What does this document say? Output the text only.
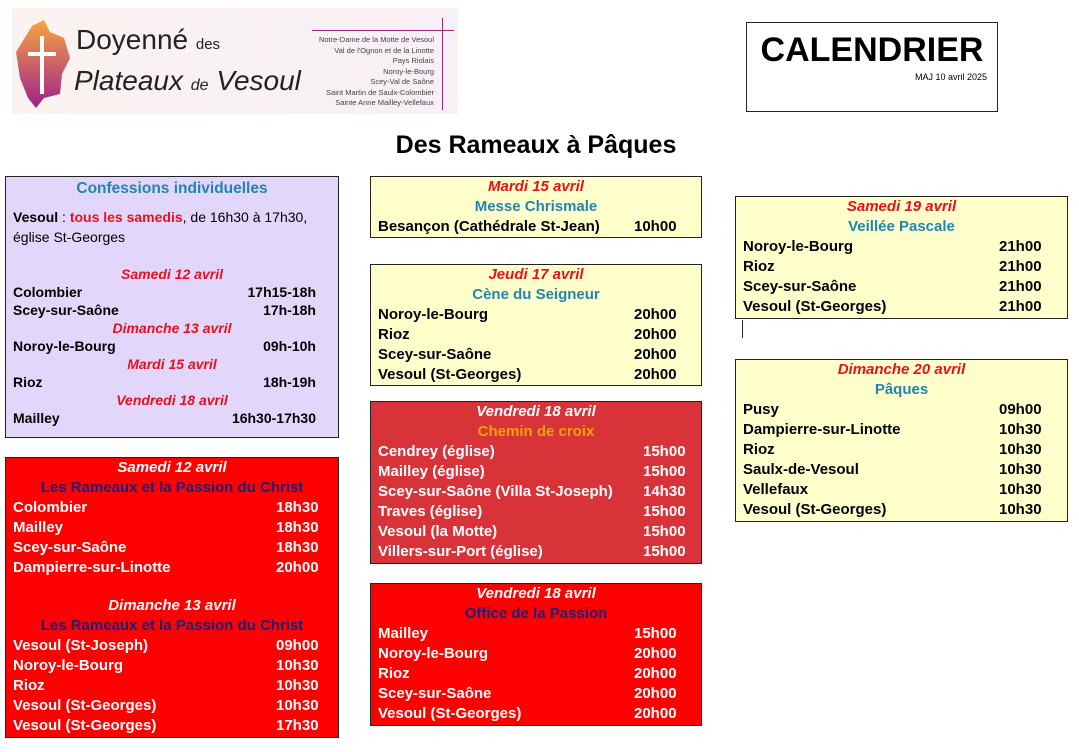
Doyenné des
Plateaux de Vesoul
Notre-Dame de la Motte de Vesoul
Val de l'Ognon et de la Linotte
Pays Riolais
Noroy-le-Bourg
Scey-Val de Saône
Saint Martin de Saulx-Colombier
Sainte Anne Mailley-Vellefaux
CALENDRIER
MAJ 10 avril 2025
Des Rameaux à Pâques
Confessions individuelles
Vesoul : tous les samedis, de 16h30 à 17h30, église St-Georges
Samedi 12 avril
Colombier	17h15-18h
Scey-sur-Saône	17h-18h
Dimanche 13 avril
Noroy-le-Bourg	09h-10h
Mardi 15 avril
Rioz	18h-19h
Vendredi 18 avril
Mailley	16h30-17h30
Samedi 12 avril
Les Rameaux et la Passion du Christ
Colombier	18h30
Mailley	18h30
Scey-sur-Saône	18h30
Dampierre-sur-Linotte	20h00
Dimanche 13 avril
Les Rameaux et la Passion du Christ
Vesoul (St-Joseph)	09h00
Noroy-le-Bourg	10h30
Rioz	10h30
Vesoul (St-Georges)	10h30
Vesoul (St-Georges)	17h30
Mardi 15 avril
Messe Chrismale
Besançon (Cathédrale St-Jean) 10h00
Jeudi 17 avril
Cène du Seigneur
Noroy-le-Bourg	20h00
Rioz	20h00
Scey-sur-Saône	20h00
Vesoul (St-Georges)	20h00
Vendredi 18 avril
Chemin de croix
Cendrey (église)	15h00
Mailley (église)	15h00
Scey-sur-Saône (Villa St-Joseph) 14h30
Traves (église)	15h00
Vesoul (la Motte)	15h00
Villers-sur-Port (église)	15h00
Vendredi 18 avril
Office de la Passion
Mailley	15h00
Noroy-le-Bourg	20h00
Rioz	20h00
Scey-sur-Saône	20h00
Vesoul (St-Georges)	20h00
Samedi 19 avril
Veillée Pascale
Noroy-le-Bourg	21h00
Rioz	21h00
Scey-sur-Saône	21h00
Vesoul (St-Georges)	21h00
Dimanche 20 avril
Pâques
Pusy	09h00
Dampierre-sur-Linotte	10h30
Rioz	10h30
Saulx-de-Vesoul	10h30
Vellefaux	10h30
Vesoul (St-Georges)	10h30
